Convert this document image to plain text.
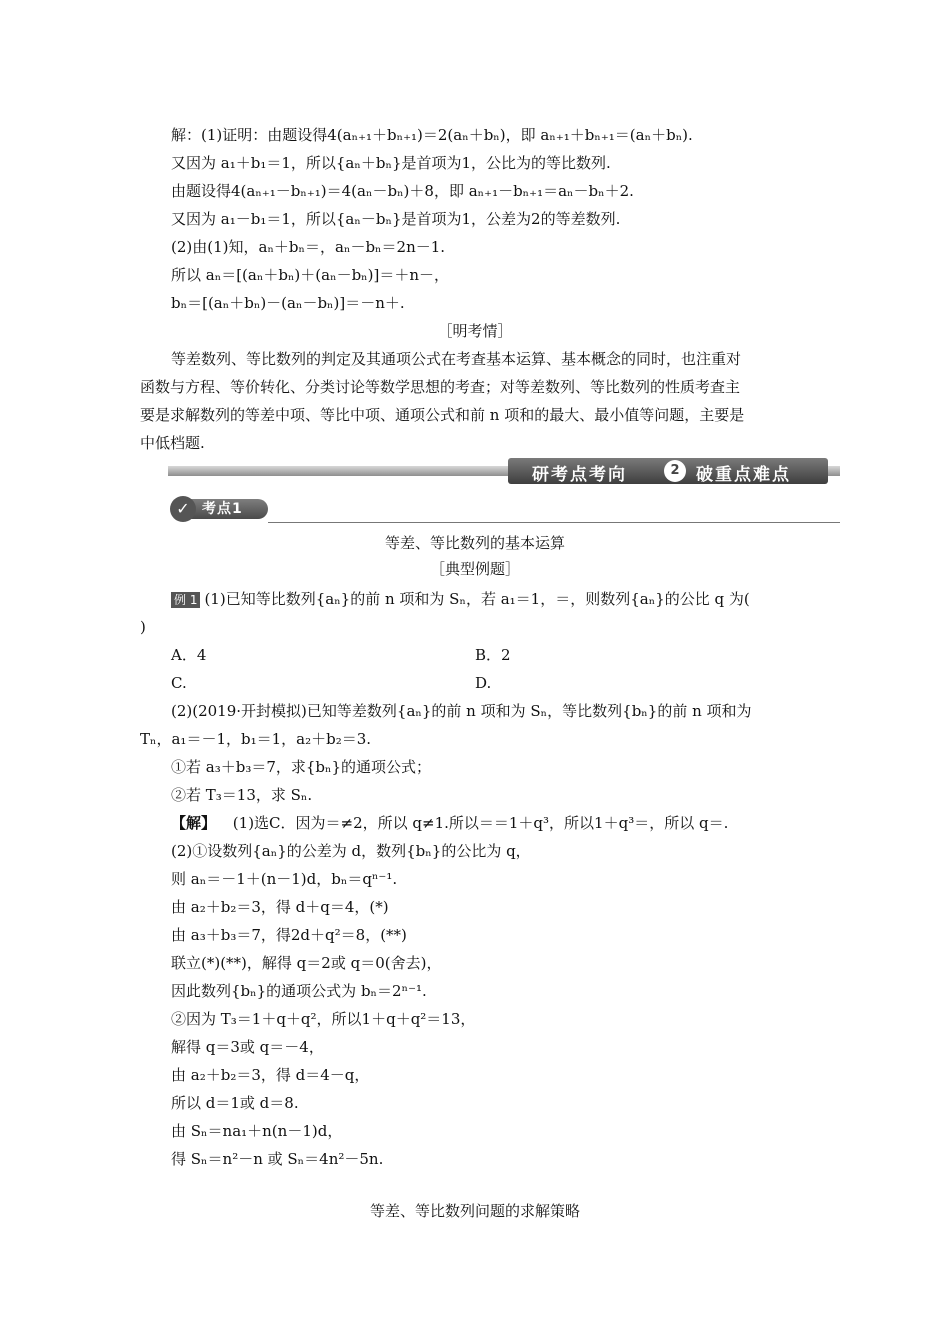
解：(1)证明：由题设得4(aₙ₊₁＋bₙ₊₁)＝2(aₙ＋bₙ)，即 aₙ₊₁＋bₙ₊₁＝(aₙ＋bₙ).
又因为 a₁＋b₁＝1，所以{aₙ＋bₙ}是首项为1，公比为的等比数列.
由题设得4(aₙ₊₁－bₙ₊₁)＝4(aₙ－bₙ)＋8，即 aₙ₊₁－bₙ₊₁＝aₙ－bₙ＋2.
又因为 a₁－b₁＝1，所以{aₙ－bₙ}是首项为1，公差为2的等差数列.
(2)由(1)知，aₙ＋bₙ＝，aₙ－bₙ＝2n－1.
所以 aₙ＝[(aₙ＋bₙ)＋(aₙ－bₙ)]＝＋n－，
bₙ＝[(aₙ＋bₙ)－(aₙ－bₙ)]＝－n＋.
［明考情］
等差数列、等比数列的判定及其通项公式在考查基本运算、基本概念的同时，也注重对
函数与方程、等价转化、分类讨论等数学思想的考查；对等差数列、等比数列的性质考查主
要是求解数列的等差中项、等比中项、通项公式和前 n 项和的最大、最小值等问题，主要是
中低档题.
研考点考向	2 破重点难点
考点1
✓
等差、等比数列的基本运算
［典型例题］
例 1 (1)已知等比数列{aₙ}的前 n 项和为 Sₙ，若 a₁＝1，＝，则数列{aₙ}的公比 q 为(
)
A．4	B．2
C.	D.
(2)(2019·开封模拟)已知等差数列{aₙ}的前 n 项和为 Sₙ，等比数列{bₙ}的前 n 项和为
Tₙ，a₁＝－1，b₁＝1，a₂＋b₂＝3.
①若 a₃＋b₃＝7，求{bₙ}的通项公式；
②若 T₃＝13，求 Sₙ.
【解】 (1)选C．因为＝≠2，所以 q≠1.所以＝＝1＋q³，所以1＋q³＝，所以 q＝.
(2)①设数列{aₙ}的公差为 d，数列{bₙ}的公比为 q，
则 aₙ＝－1＋(n－1)d，bₙ＝qⁿ⁻¹.
由 a₂＋b₂＝3，得 d＋q＝4，(*)
由 a₃＋b₃＝7，得2d＋q²＝8，(**)
联立(*)(**)，解得 q＝2或 q＝0(舍去)，
因此数列{bₙ}的通项公式为 bₙ＝2ⁿ⁻¹.
②因为 T₃＝1＋q＋q²，所以1＋q＋q²＝13，
解得 q＝3或 q＝－4，
由 a₂＋b₂＝3，得 d＝4－q，
所以 d＝1或 d＝8.
由 Sₙ＝na₁＋n(n－1)d，
得 Sₙ＝n²－n 或 Sₙ＝4n²－5n.
等差、等比数列问题的求解策略
